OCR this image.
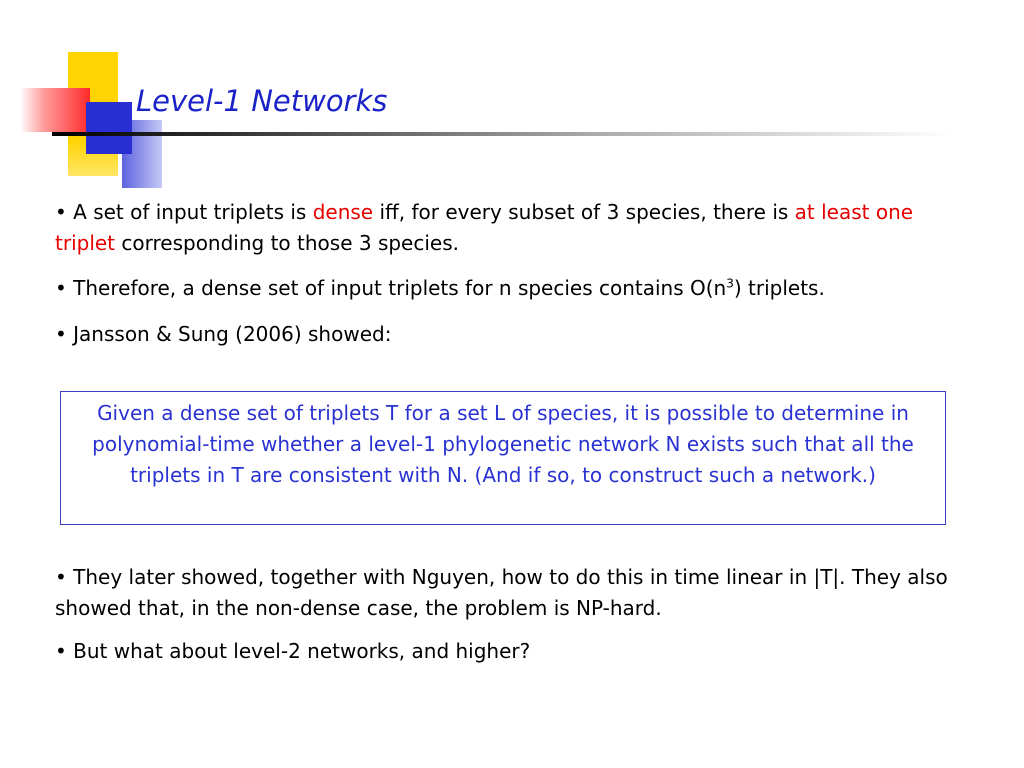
Level-1 Networks

• A set of input triplets is dense iff, for every subset of 3 species, there is at least one triplet corresponding to those 3 species.

• Therefore, a dense set of input triplets for n species contains $O(n^3)$ triplets.

• Jansson & Sung (2006) showed:

Given a dense set of triplets T for a set L of species, it is possible to determine in polynomial-time whether a level-1 phylogenetic network N exists such that all the triplets in T are consistent with N. (And if so, to construct such a network.)

• They later showed, together with Nguyen, how to do this in time linear in |T|. They also showed that, in the non-dense case, the problem is NP-hard.

• But what about level-2 networks, and higher?
